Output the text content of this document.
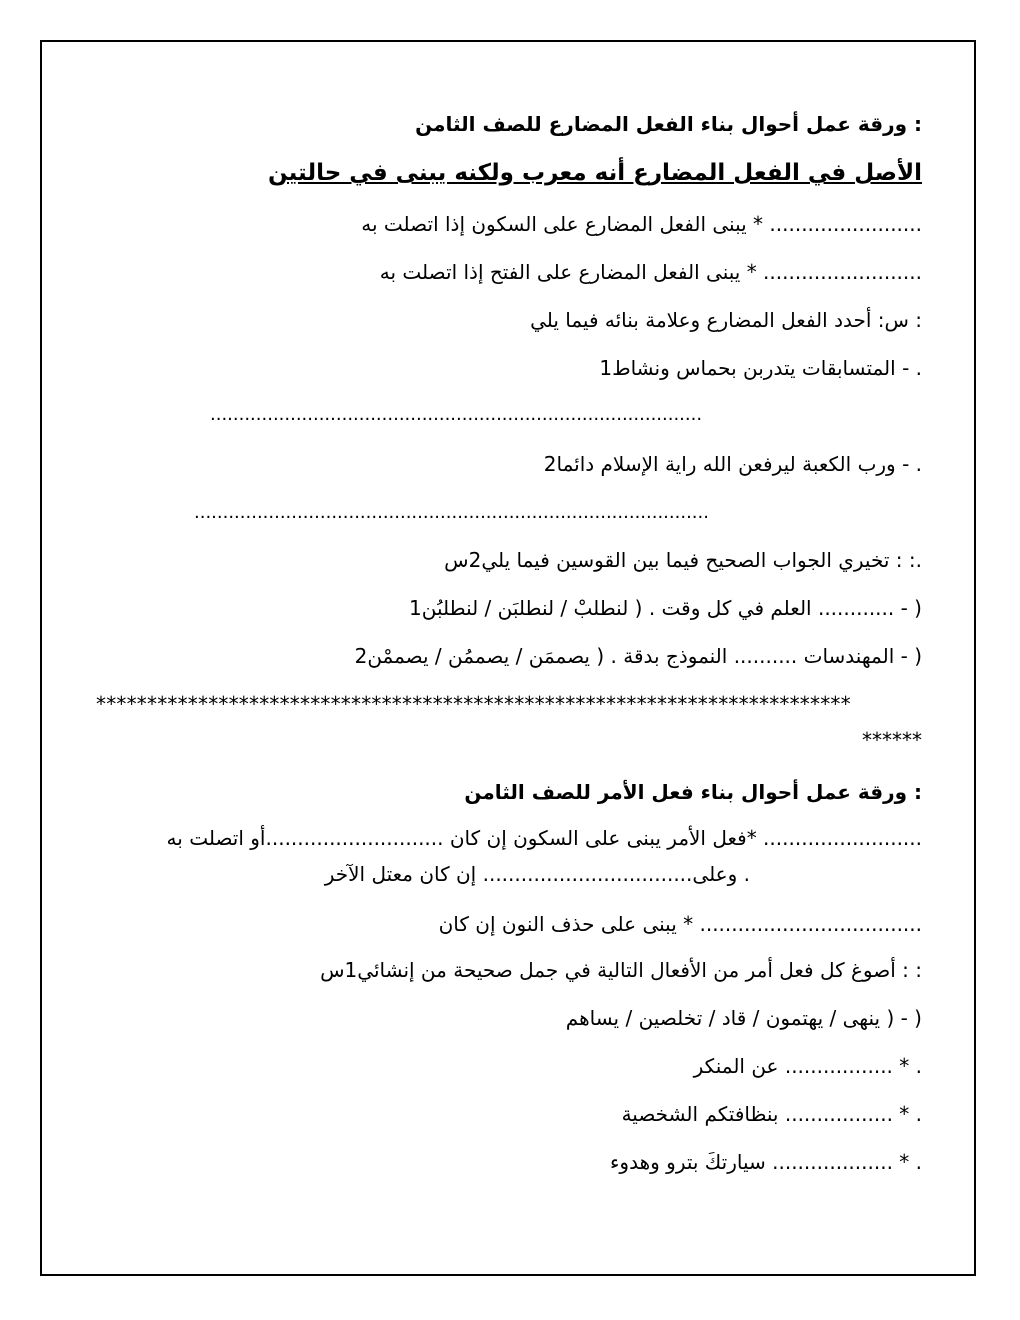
: ورقة عمل أحوال بناء الفعل المضارع للصف الثامن
الأصل في الفعل المضارع أنه معرب ولكنه يبنى في حالتين
........................ * يبنى الفعل المضارع على السكون إذا اتصلت به
......................... * يبنى الفعل المضارع على الفتح إذا اتصلت به
: س: أحدد الفعل المضارع وعلامة بنائه فيما يلي
. - المتسابقات يتدربن بحماس ونشاط1
......................................................................................
. - ورب الكعبة ليرفعن الله راية الإسلام دائما2
..........................................................................................
.: : تخيري الجواب الصحيح فيما بين القوسين فيما يلي2س
( - ............ العلم في كل وقت . ( لنطلبْ / لنطلبَن / لنطلبُن1
( - المهندسات .......... النموذج بدقة . ( يصممَن / يصممُن / يصممْن2
**************************************************************************
******
: ورقة عمل أحوال بناء فعل الأمر للصف الثامن
......................... *فعل الأمر يبنى على السكون إن كان ............................أو اتصلت به
. وعلى................................. إن كان معتل الآخر
................................... * يبنى على حذف النون إن كان
: : أصوغ كل فعل أمر من الأفعال التالية في جمل صحيحة من إنشائي1س
( - ( ينهى / يهتمون / قاد / تخلصين / يساهم
. * ................. عن المنكر
. * ................. بنظافتكم الشخصية
. * ................... سيارتكَ بترو وهدوء
